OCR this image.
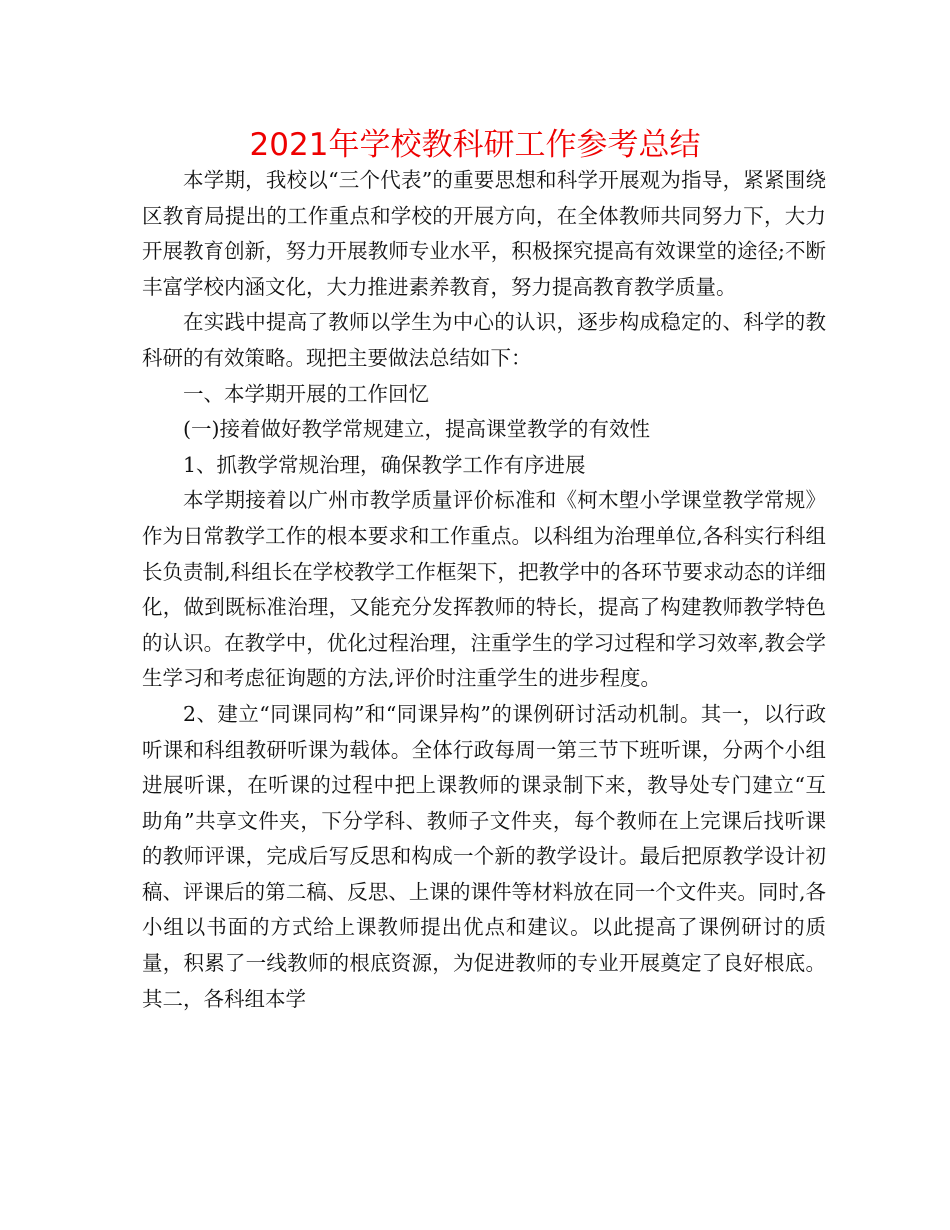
2021年学校教科研工作参考总结

本学期，我校以“三个代表”的重要思想和科学开展观为指导，紧紧围绕区教育局提出的工作重点和学校的开展方向，在全体教师共同努力下，大力开展教育创新，努力开展教师专业水平，积极探究提高有效课堂的途径;不断丰富学校内涵文化，大力推进素养教育，努力提高教育教学质量。

在实践中提高了教师以学生为中心的认识，逐步构成稳定的、科学的教科研的有效策略。现把主要做法总结如下：

一、本学期开展的工作回忆

(一)接着做好教学常规建立，提高课堂教学的有效性

1、抓教学常规治理，确保教学工作有序进展

本学期接着以广州市教学质量评价标准和《柯木塱小学课堂教学常规》作为日常教学工作的根本要求和工作重点。以科组为治理单位,各科实行科组长负责制,科组长在学校教学工作框架下，把教学中的各环节要求动态的详细化，做到既标准治理，又能充分发挥教师的特长，提高了构建教师教学特色的认识。在教学中，优化过程治理，注重学生的学习过程和学习效率,教会学生学习和考虑征询题的方法,评价时注重学生的进步程度。

2、建立“同课同构”和“同课异构”的课例研讨活动机制。其一，以行政听课和科组教研听课为载体。全体行政每周一第三节下班听课，分两个小组进展听课，在听课的过程中把上课教师的课录制下来，教导处专门建立“互助角”共享文件夹，下分学科、教师子文件夹，每个教师在上完课后找听课的教师评课，完成后写反思和构成一个新的教学设计。最后把原教学设计初稿、评课后的第二稿、反思、上课的课件等材料放在同一个文件夹。同时,各小组以书面的方式给上课教师提出优点和建议。以此提高了课例研讨的质量，积累了一线教师的根底资源，为促进教师的专业开展奠定了良好根底。其二，各科组本学
